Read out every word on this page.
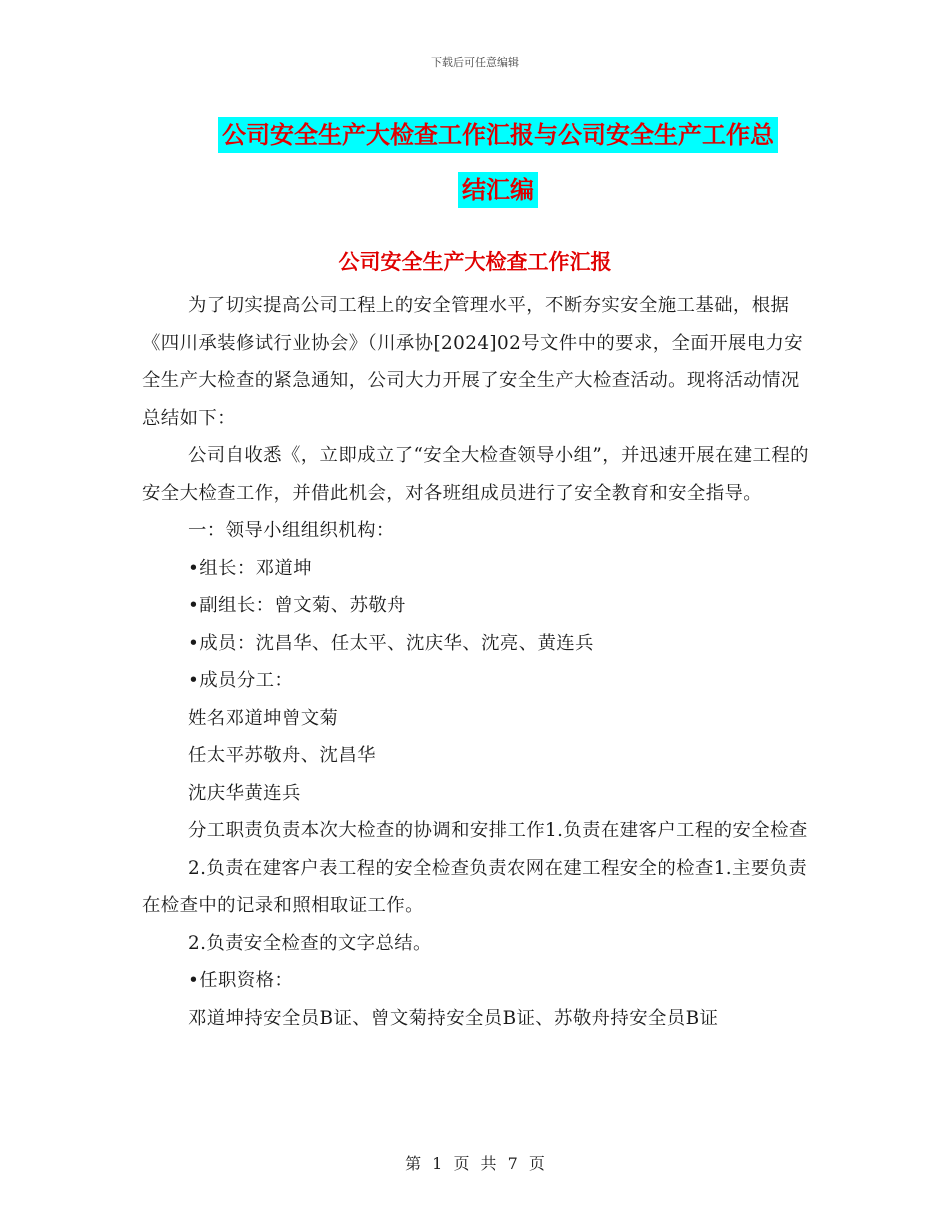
下载后可任意编辑
公司安全生产大检查工作汇报与公司安全生产工作总
结汇编
公司安全生产大检查工作汇报

为了切实提高公司工程上的安全管理水平，不断夯实安全施工基础，根据《四川承装修试行业协会》（川承协[2024]02号文件中的要求，全面开展电力安全生产大检查的紧急通知，公司大力开展了安全生产大检查活动。现将活动情况总结如下：

公司自收悉《，立即成立了“安全大检查领导小组”，并迅速开展在建工程的安全大检查工作，并借此机会，对各班组成员进行了安全教育和安全指导。

一：领导小组组织机构：

•组长：邓道坤

•副组长：曾文菊、苏敬舟

•成员：沈昌华、任太平、沈庆华、沈亮、黄连兵

•成员分工：

姓名邓道坤曾文菊

任太平苏敬舟、沈昌华

沈庆华黄连兵

分工职责负责本次大检查的协调和安排工作1.负责在建客户工程的安全检查

2.负责在建客户表工程的安全检查负责农网在建工程安全的检查1.主要负责在检查中的记录和照相取证工作。

2.负责安全检查的文字总结。

•任职资格：

邓道坤持安全员B证、曾文菊持安全员B证、苏敬舟持安全员B证

第 1 页 共 7 页
